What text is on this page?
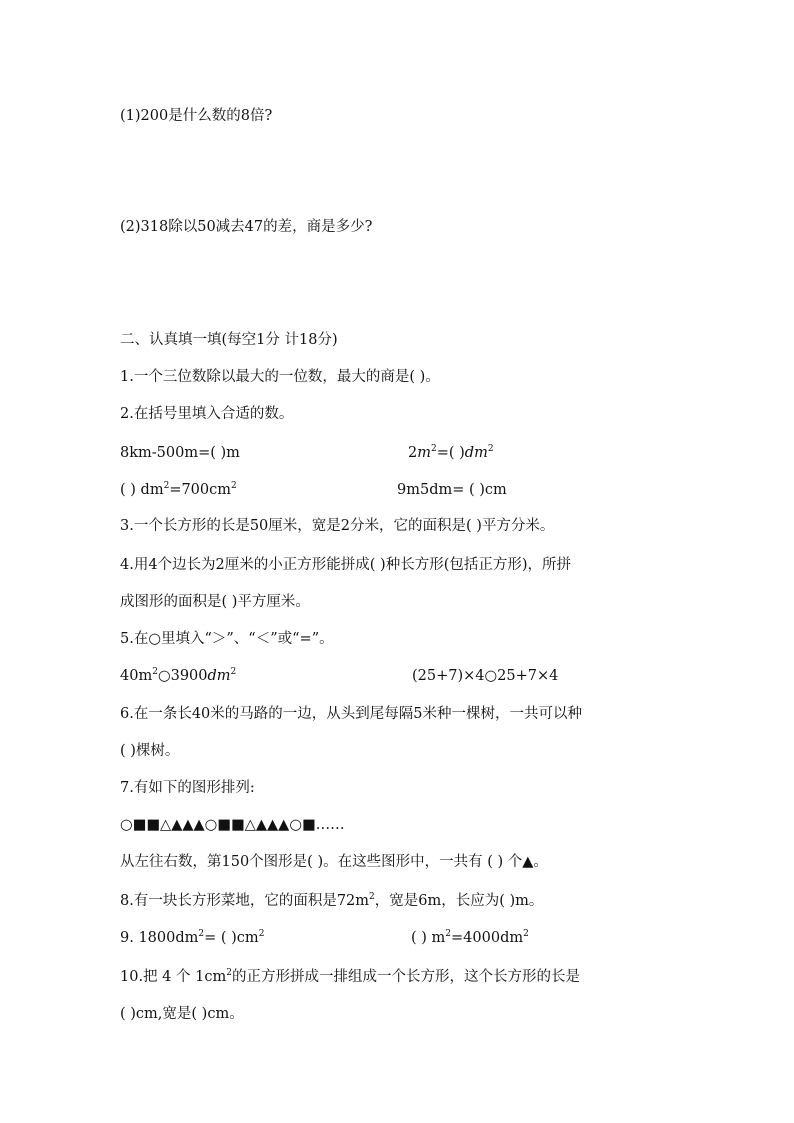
(1)200是什么数的8倍?
(2)318除以50减去47的差，商是多少?
二、认真填一填(每空1分 计18分)
1.一个三位数除以最大的一位数，最大的商是( )。
2.在括号里填入合适的数。
8km-500m=( )m	$2m^2=$( )$dm^2$
( ) $dm^2=700cm^2$	9m5dm= ( )cm
3.一个长方形的长是50厘米，宽是2分米，它的面积是( )平方分米。
4.用4个边长为2厘米的小正方形能拼成( )种长方形(包括正方形)，所拼
成图形的面积是( )平方厘米。
5.在○里填入“＞”、“＜”或“=”。
$40m^2○3900dm^2$	(25+7)×4○25+7×4
6.在一条长40米的马路的一边，从头到尾每隔5米种一棵树，一共可以种
( )棵树。
7.有如下的图形排列:
○■■△▲▲▲○■■△▲▲▲○■……
从左往右数，第150个图形是( )。在这些图形中，一共有 ( ) 个▲。
8.有一块长方形菜地，它的面积是$72m^2$，宽是6m，长应为( )m。
9. $1800dm^2=$ ( )$cm^2$	( ) $m^2=4000dm^2$
10.把 4 个 $1cm^2$的正方形拼成一排组成一个长方形，这个长方形的长是
( )cm,宽是( )cm。
